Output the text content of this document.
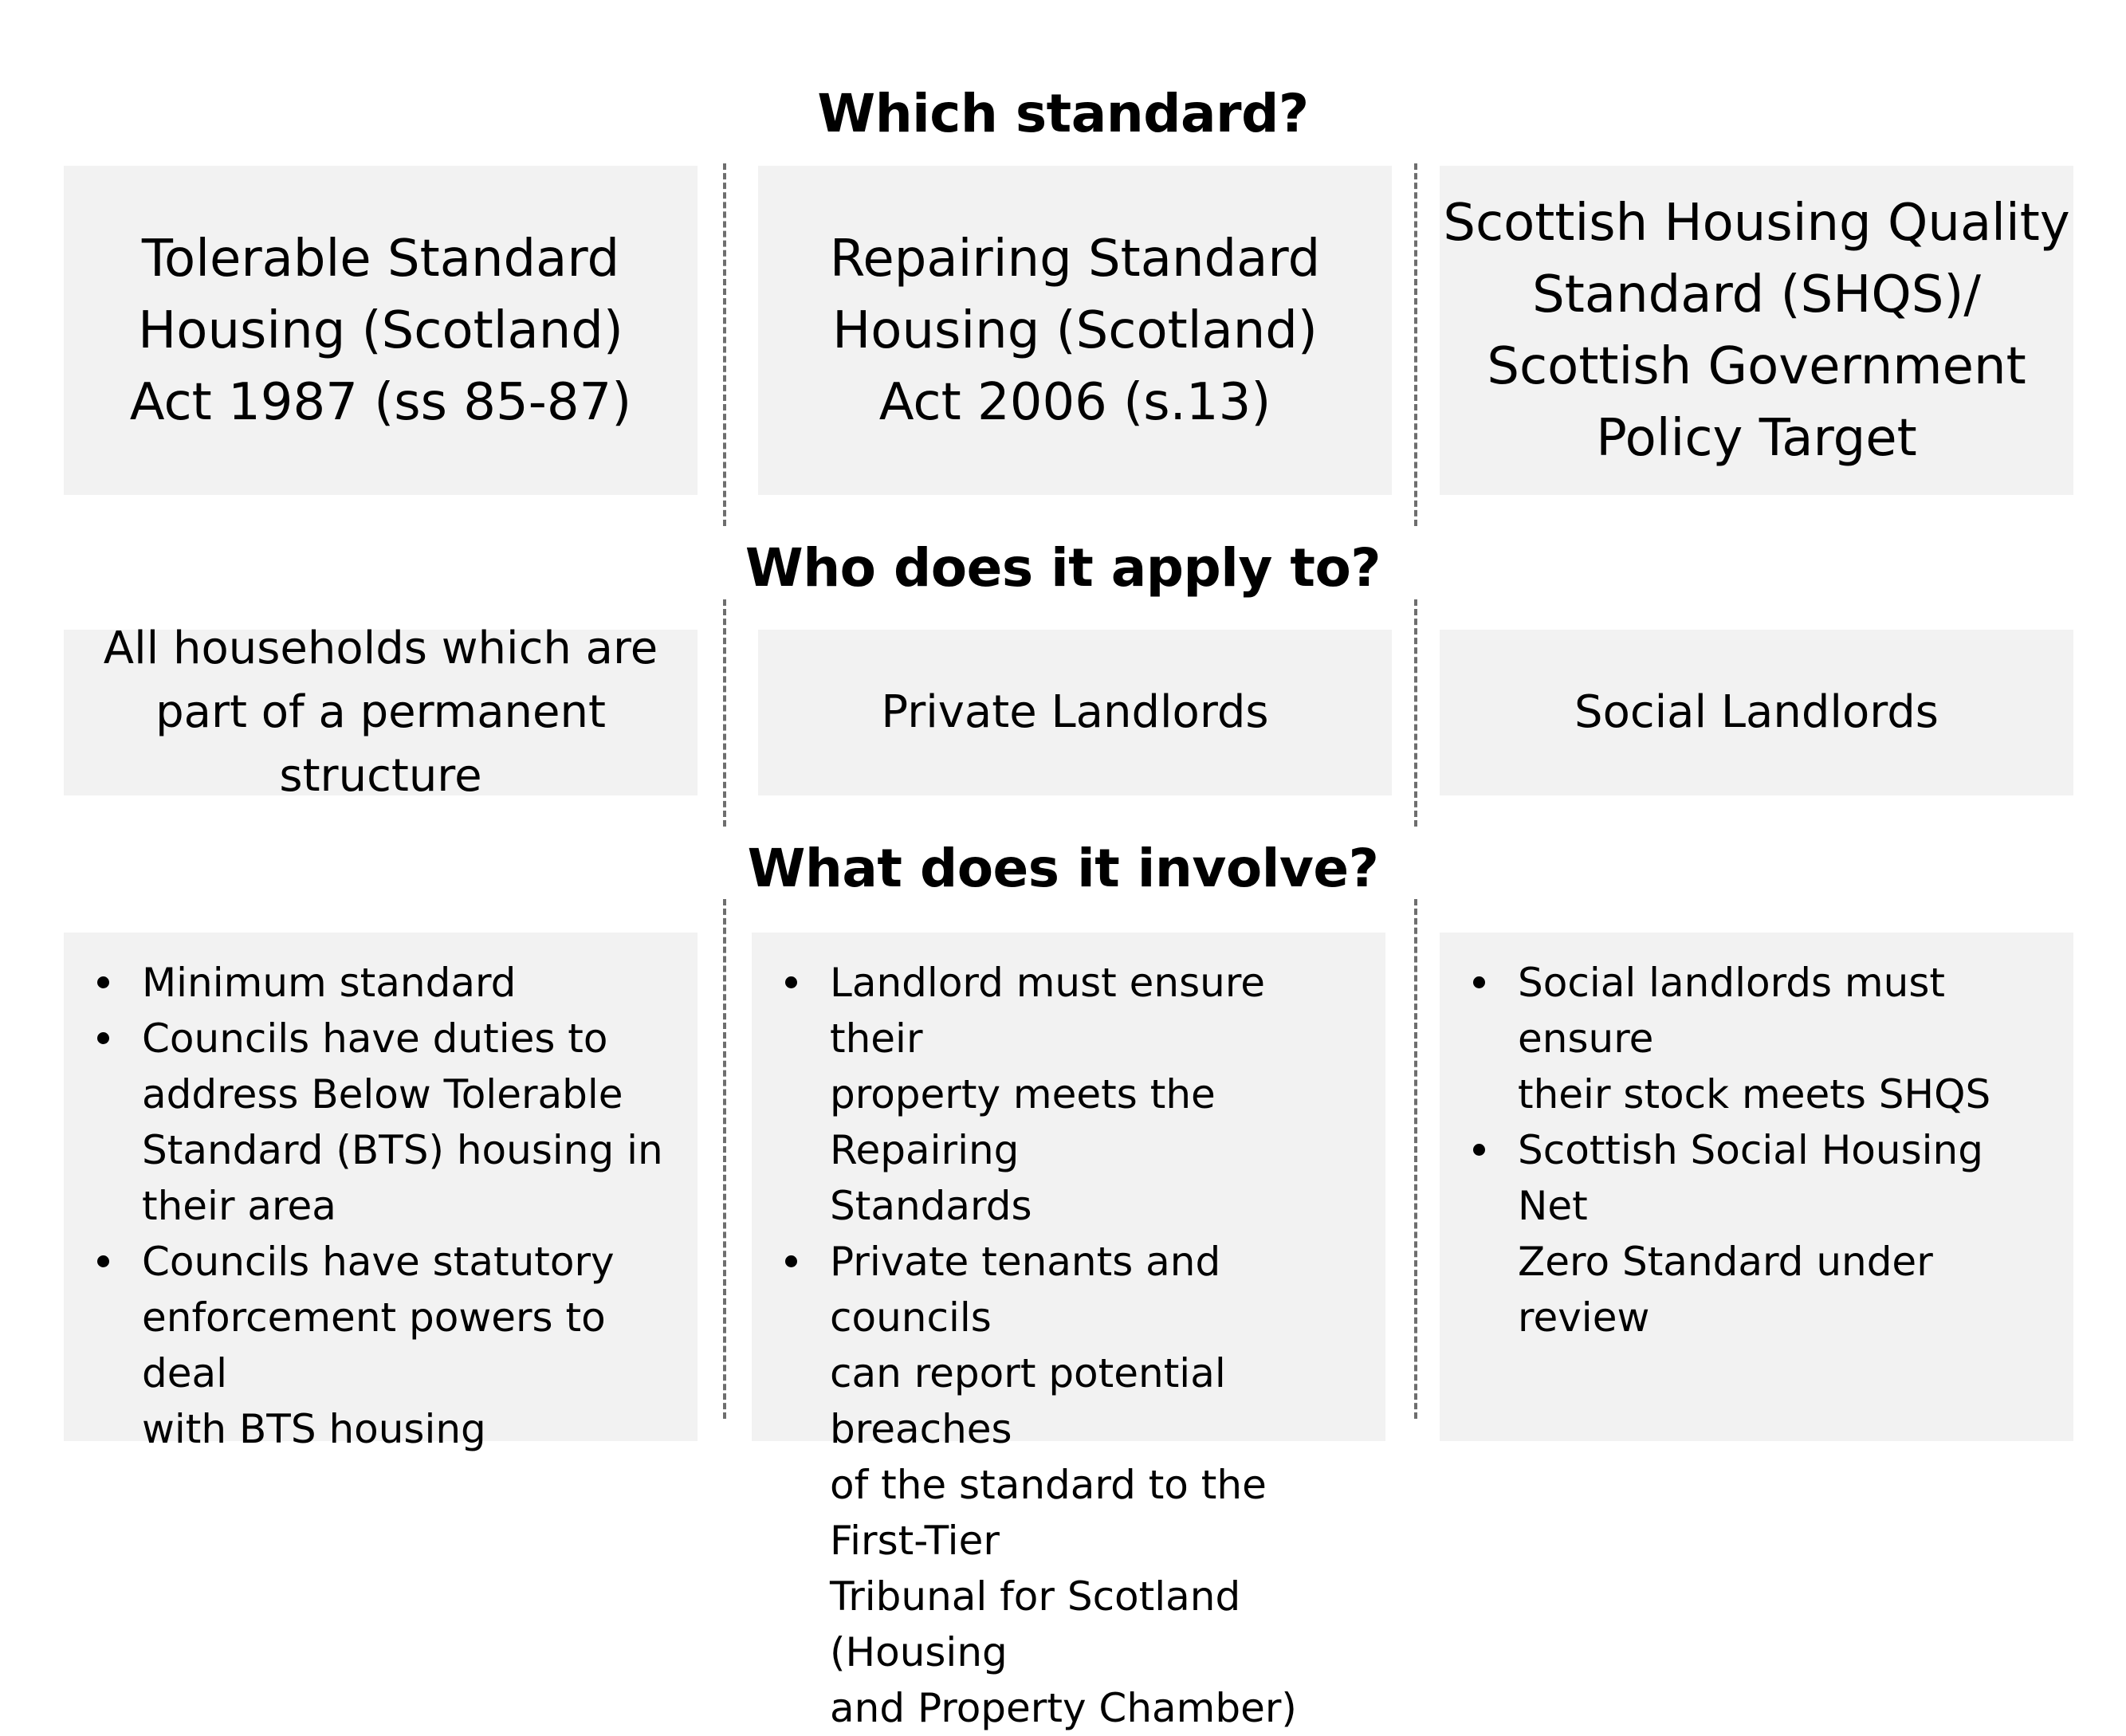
Which standard?
Who does it apply to?
What does it involve?
Tolerable Standard
Housing (Scotland)
Act 1987 (ss 85-87)
Repairing Standard
Housing (Scotland)
Act 2006 (s.13)
Scottish Housing Quality
Standard (SHQS)/
Scottish Government
Policy Target
All households which are
part of a permanent structure
Private Landlords	Social Landlords
Minimum standard
Councils have duties to
address Below Tolerable
Standard (BTS) housing in
their area
Councils have statutory
enforcement powers to deal
with BTS housing
Landlord must ensure their
property meets the Repairing
Standards
Private tenants and councils
can report potential breaches
of the standard to the First-Tier
Tribunal for Scotland (Housing
and Property Chamber)
Social landlords must ensure
their stock meets SHQS
Scottish Social Housing Net
Zero Standard under review
